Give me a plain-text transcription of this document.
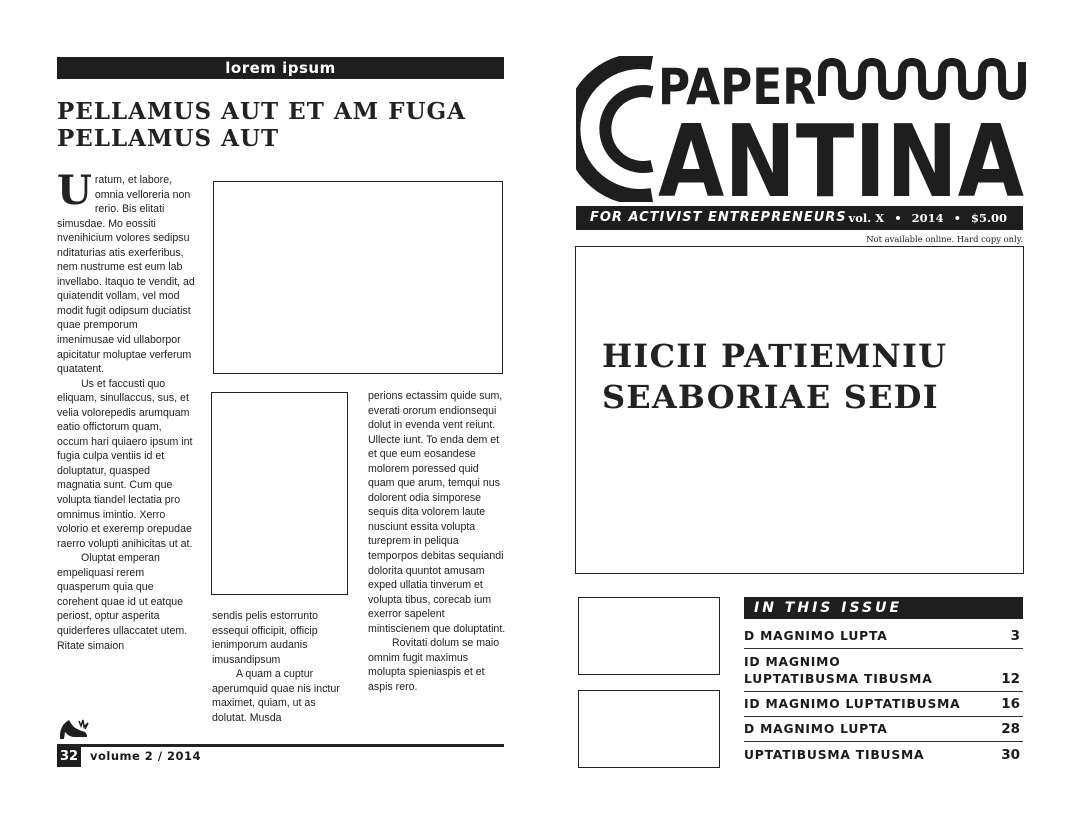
lorem ipsum
PELLAMUS AUT ET AM FUGA
PELLAMUS AUT
U ratum, et labore, omnia velloreria non rerio. Bis elitati simusdae. Mo eossiti nvenihicium volores sedipsu nditaturias atis exerferibus, nem nustrume est eum lab invellabo. Itaquo te vendit, ad quiatendit vollam, vel mod modit fugit odipsum duciatist quae premporum imenimusae vid ullaborpor apicitatur moluptae verferum quatatent.

Us et faccusti quo eliquam, sinullaccus, sus, et velia volorepedis arumquam eatio offictorum quam, occum hari quiaero ipsum int fugia culpa ventiis id et doluptatur, quasped magnatia sunt. Cum que volupta tiandel lectatia pro omnimus imintio. Xerro volorio et exeremp orepudae raerro volupti anihicitas ut at.

Oluptat emperan empeliquasi rerem quasperum quia que corehent quae id ut eatque periost, optur asperita quiderferes ullaccatet utem. Ritate simaion

sendis pelis estorrunto essequi officipit, officip ienimporum audanis imusandipsum

A quam a cuptur aperumquid quae nis inctur maximet, quiam, ut as dolutat. Musda

perions ectassim quide sum, everati ororum endionsequi dolut in evenda vent reiunt. Ullecte iunt. To enda dem et et que eum eosandese molorem poressed quid quam que arum, temqui nus dolorent odia simporese sequis dita volorem laute nusciunt essita volupta tureprem in peliqua temporpos debitas sequiandi dolorita quuntot amusam exped ullatia tinverum et volupta tibus, corecab ium exerror sapelent mintiscienem que doluptatint.

Rovitati dolum se maio omnim fugit maximus molupta spieniaspis et et aspis rero.

32 volume 2 / 2014
PAPER
ANTINA
FOR ACTIVIST ENTREPRENEURS vol. X • 2014 • $5.00
Not available online. Hard copy only.
HICII PATIEMNIU
SEABORIAE SEDI
IN THIS ISSUE
D MAGNIMO LUPTA	3
ID MAGNIMO
LUPTATIBUSMA TIBUSMA	12
ID MAGNIMO LUPTATIBUSMA	16
D MAGNIMO LUPTA	28
UPTATIBUSMA TIBUSMA	30
